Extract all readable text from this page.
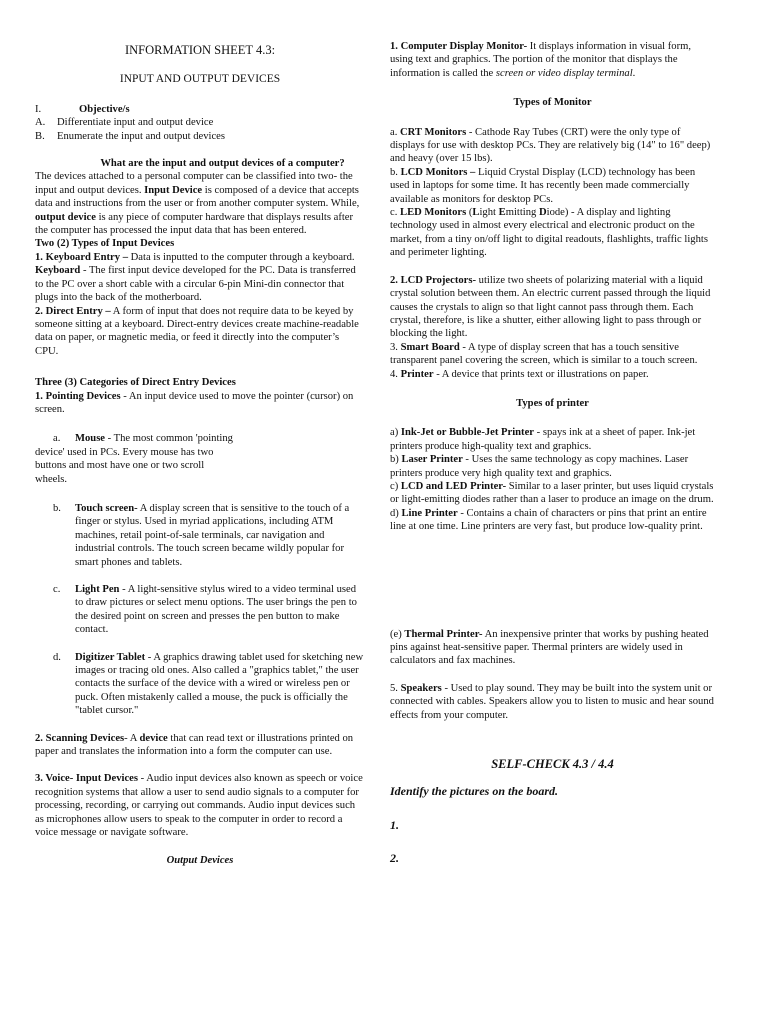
INFORMATION SHEET 4.3:

INPUT AND OUTPUT DEVICES

I.	Objective/s
A.	Differentiate input and output device
B.	Enumerate the input and output devices

What are the input and output devices of a computer?

The devices attached to a personal computer can be classified into two- the input and output devices. Input Device is composed of a device that accepts data and instructions from the user or from another computer system. While, output device is any piece of computer hardware that displays results after the computer has processed the input data that has been entered.

Two (2) Types of Input Devices

1. Keyboard Entry – Data is inputted to the computer through a keyboard.

Keyboard - The first input device developed for the PC. Data is transferred to the PC over a short cable with a circular 6-pin Mini-din connector that plugs into the back of the motherboard.

2. Direct Entry – A form of input that does not require data to be keyed by someone sitting at a keyboard. Direct-entry devices create machine-readable data on paper, or magnetic media, or feed it directly into the computer’s CPU.

Three (3) Categories of Direct Entry Devices

1. Pointing Devices - An input device used to move the pointer (cursor) on screen.

a.	Mouse - The most common 'pointing

device' used in PCs. Every mouse has two buttons and most have one or two scroll wheels.

b.	Touch screen- A display screen that is sensitive to the touch of a finger or stylus. Used in myriad applications, including ATM machines, retail point-of-sale terminals, car navigation and industrial controls. The touch screen became wildly popular for smart phones and tablets.
c.	Light Pen - A light-sensitive stylus wired to a video terminal used to draw pictures or select menu options. The user brings the pen to the desired point on screen and presses the pen button to make contact.
d.	Digitizer Tablet - A graphics drawing tablet used for sketching new images or tracing old ones. Also called a "graphics tablet," the user contacts the surface of the device with a wired or wireless pen or puck. Often mistakenly called a mouse, the puck is officially the "tablet cursor."

2. Scanning Devices- A device that can read text or illustrations printed on paper and translates the information into a form the computer can use.

3. Voice- Input Devices - Audio input devices also known as speech or voice recognition systems that allow a user to send audio signals to a computer for processing, recording, or carrying out commands. Audio input devices such as microphones allow users to speak to the computer in order to record a voice message or navigate software.

Output Devices

1. Computer Display Monitor- It displays information in visual form, using text and graphics. The portion of the monitor that displays the information is called the screen or video display terminal.

Types of Monitor

a. CRT Monitors - Cathode Ray Tubes (CRT) were the only type of displays for use with desktop PCs. They are relatively big (14" to 16" deep) and heavy (over 15 lbs).

b. LCD Monitors – Liquid Crystal Display (LCD) technology has been used in laptops for some time. It has recently been made commercially available as monitors for desktop PCs.

c. LED Monitors (Light Emitting Diode) - A display and lighting technology used in almost every electrical and electronic product on the market, from a tiny on/off light to digital readouts, flashlights, traffic lights and perimeter lighting.

2. LCD Projectors- utilize two sheets of polarizing material with a liquid crystal solution between them. An electric current passed through the liquid causes the crystals to align so that light cannot pass through them. Each crystal, therefore, is like a shutter, either allowing light to pass through or blocking the light.

3. Smart Board - A type of display screen that has a touch sensitive transparent panel covering the screen, which is similar to a touch screen.

4. Printer - A device that prints text or illustrations on paper.

Types of printer

a) Ink-Jet or Bubble-Jet Printer - spays ink at a sheet of paper. Ink-jet printers produce high-quality text and graphics.

b) Laser Printer - Uses the same technology as copy machines. Laser printers produce very high quality text and graphics.

c) LCD and LED Printer- Similar to a laser printer, but uses liquid crystals or light-emitting diodes rather than a laser to produce an image on the drum.

d) Line Printer - Contains a chain of characters or pins that print an entire line at one time. Line printers are very fast, but produce low-quality print.

(e) Thermal Printer- An inexpensive printer that works by pushing heated pins against heat-sensitive paper. Thermal printers are widely used in calculators and fax machines.

5. Speakers - Used to play sound. They may be built into the system unit or connected with cables. Speakers allow you to listen to music and hear sound effects from your computer.

SELF-CHECK 4.3 / 4.4

Identify the pictures on the board.

1.

2.
